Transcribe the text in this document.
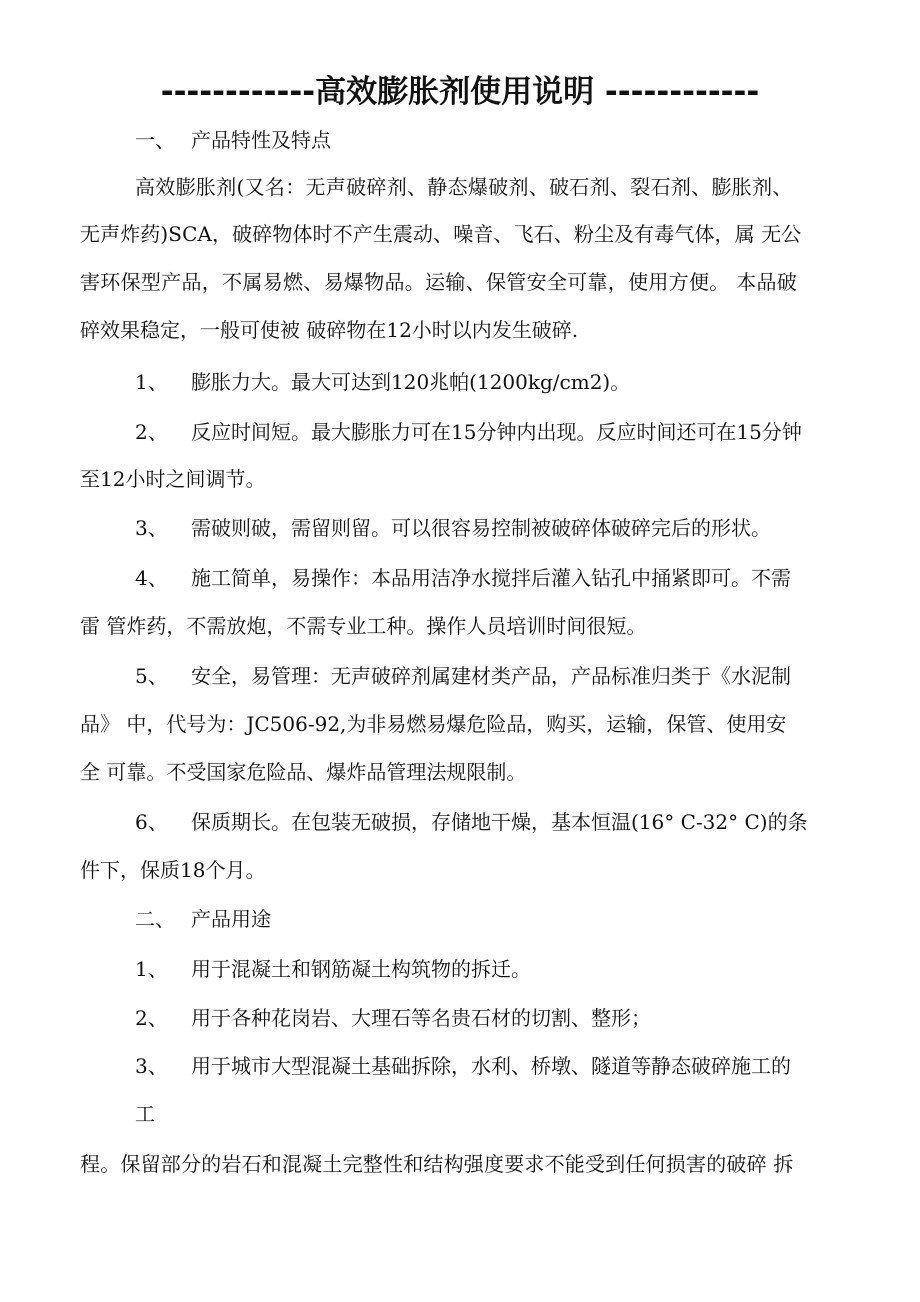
------------高效膨胀剂使用说明 ------------
一、 产品特性及特点
高效膨胀剂(又名：无声破碎剂、静态爆破剂、破石剂、裂石剂、膨胀剂、
无声炸药)SCA，破碎物体时不产生震动、噪音、飞石、粉尘及有毒气体，属 无公
害环保型产品，不属易燃、易爆物品。运输、保管安全可靠，使用方便。 本品破
碎效果稳定，一般可使被 破碎物在12小时以内发生破碎.
1、 膨胀力大。最大可达到120兆帕(1200kg/cm2)。
2、 反应时间短。最大膨胀力可在15分钟内出现。反应时间还可在15分钟
至12小时之间调节。
3、 需破则破，需留则留。可以很容易控制被破碎体破碎完后的形状。
4、 施工简单，易操作：本品用洁净水搅拌后灌入钻孔中捅紧即可。不需
雷 管炸药，不需放炮，不需专业工种。操作人员培训时间很短。
5、 安全，易管理：无声破碎剂属建材类产品，产品标准归类于《水泥制
品》 中，代号为：JC506-92,为非易燃易爆危险品，购买，运输，保管、使用安
全 可靠。不受国家危险品、爆炸品管理法规限制。
6、 保质期长。在包装无破损，存储地干燥，基本恒温(16° C-32° C)的条
件下，保质18个月。
二、 产品用途
1、 用于混凝土和钢筋凝土构筑物的拆迁。
2、 用于各种花岗岩、大理石等名贵石材的切割、整形；
3、 用于城市大型混凝土基础拆除，水利、桥墩、隧道等静态破碎施工的
工
程。保留部分的岩石和混凝土完整性和结构强度要求不能受到任何损害的破碎 拆
